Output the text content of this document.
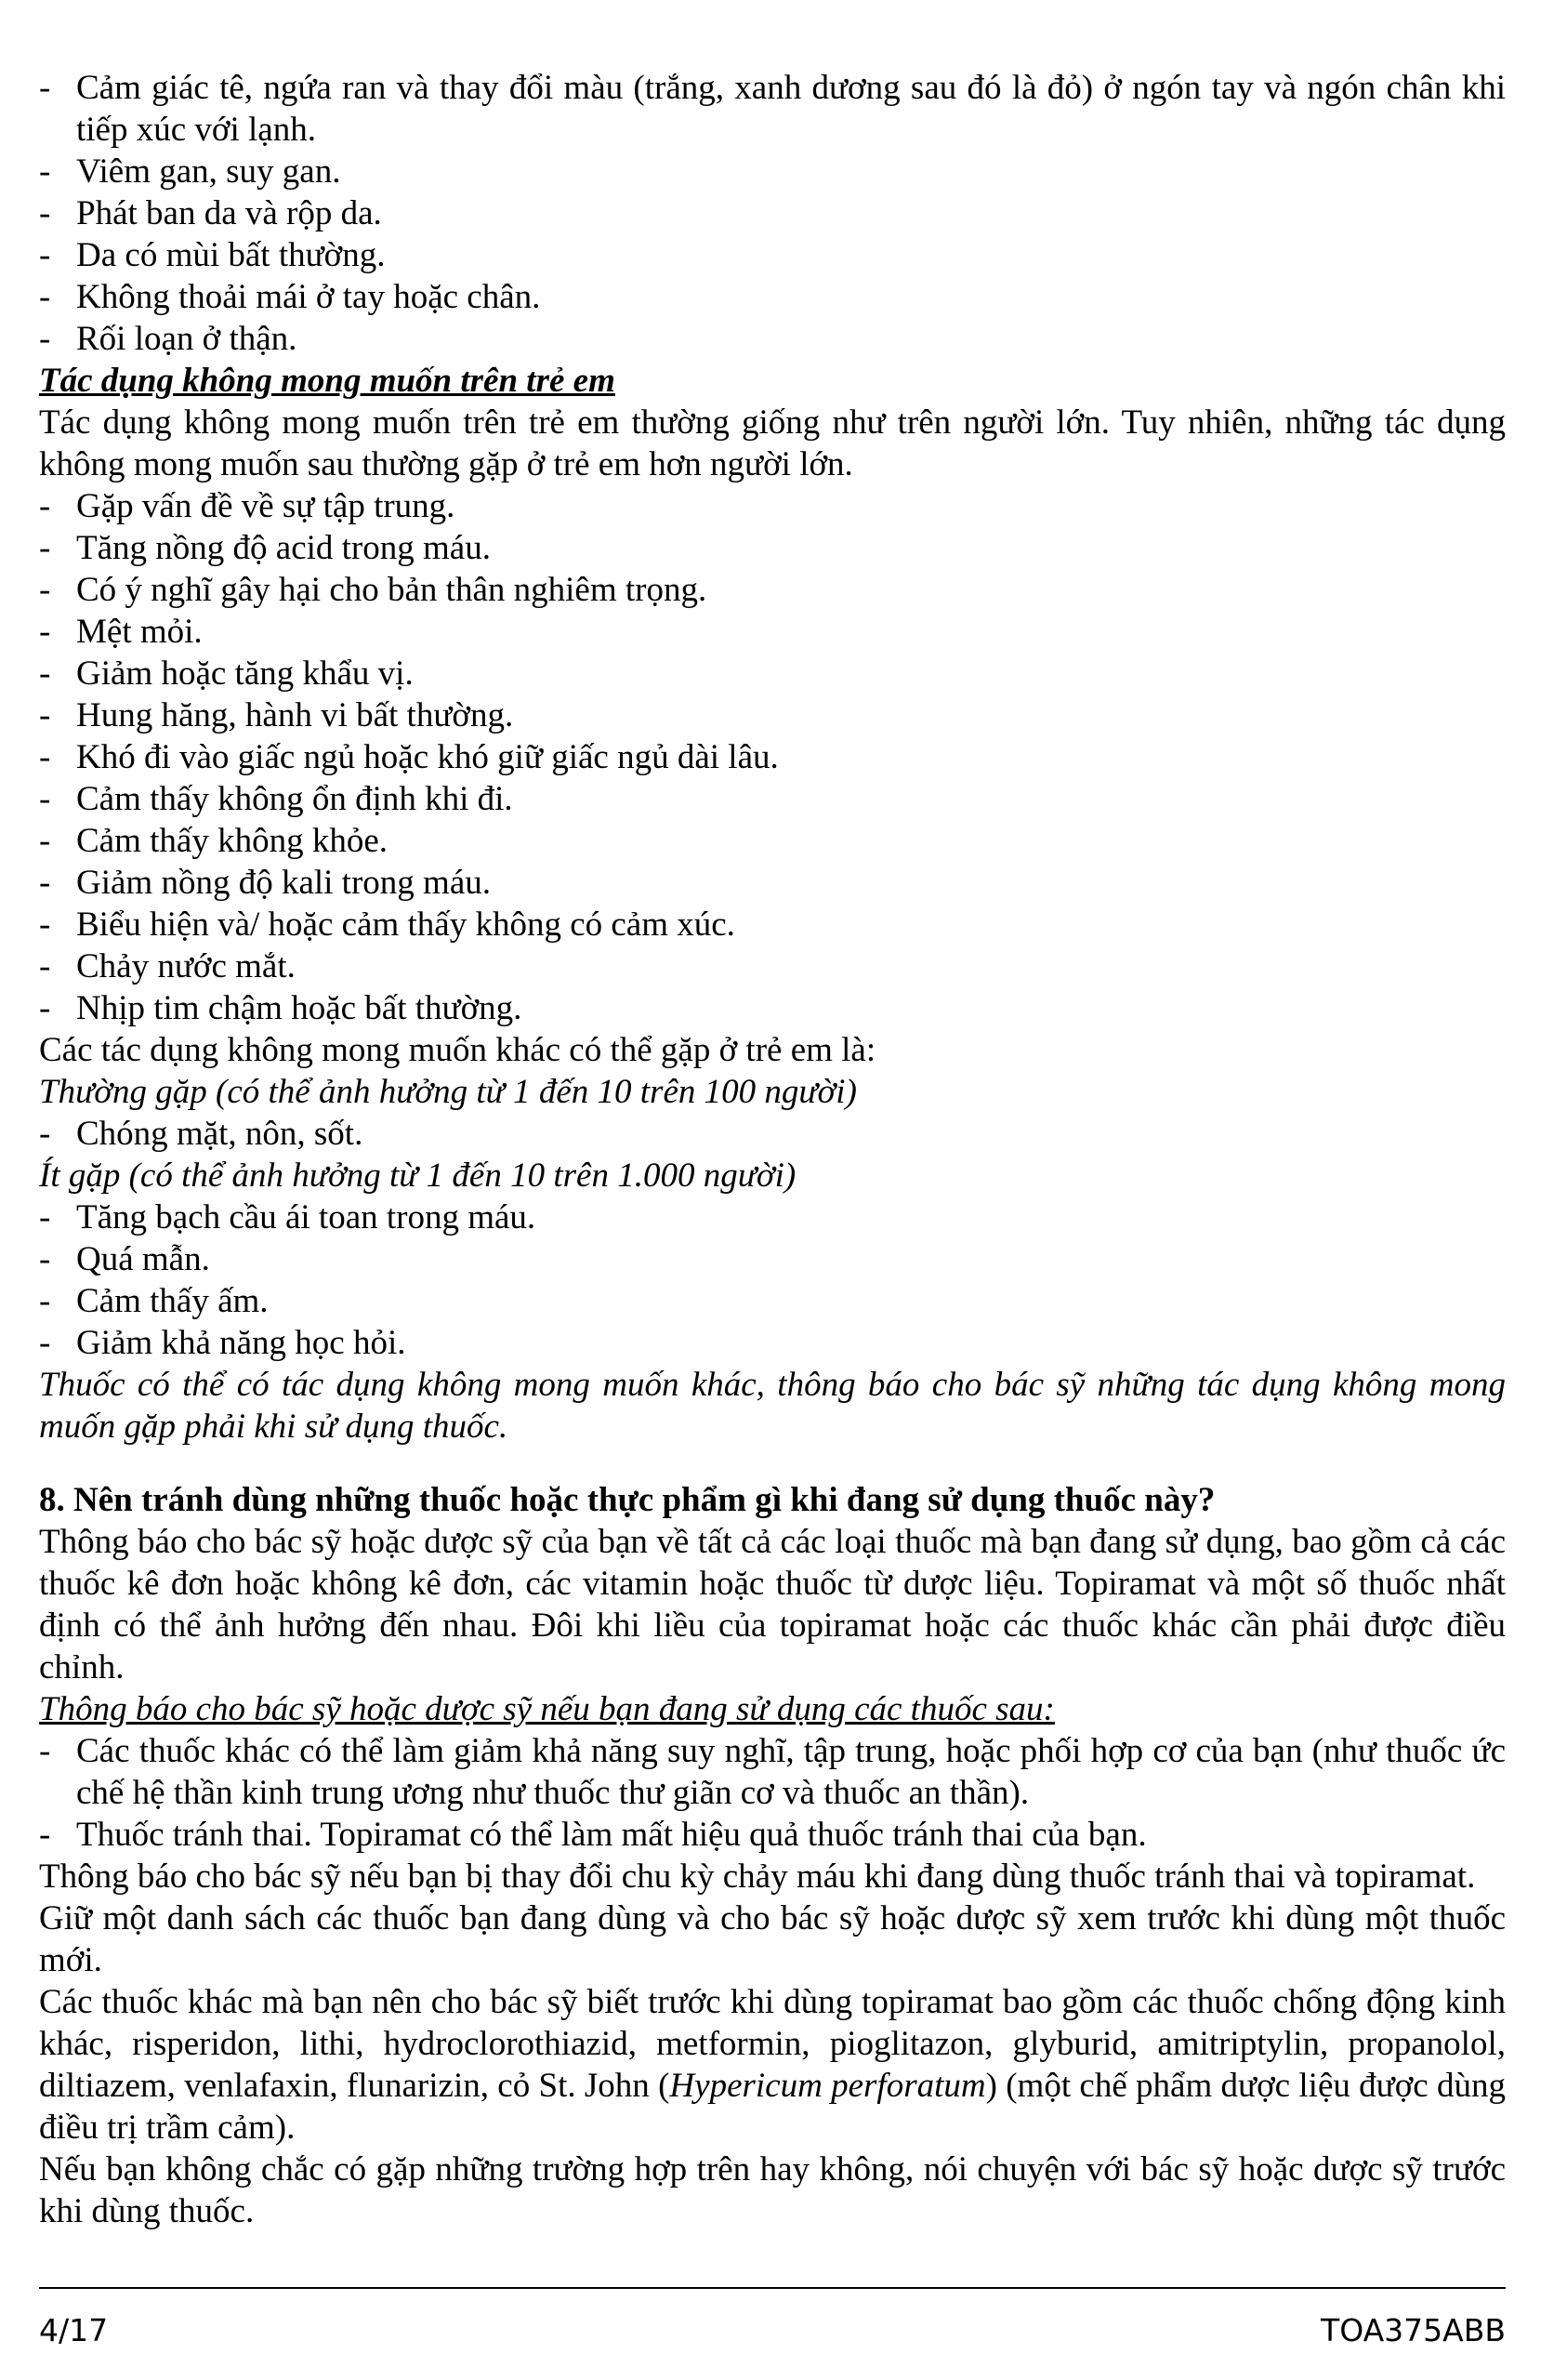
- Cảm giác tê, ngứa ran và thay đổi màu (trắng, xanh dương sau đó là đỏ) ở ngón tay và ngón chân khi tiếp xúc với lạnh.
- Viêm gan, suy gan.
- Phát ban da và rộp da.
- Da có mùi bất thường.
- Không thoải mái ở tay hoặc chân.
- Rối loạn ở thận.
Tác dụng không mong muốn trên trẻ em
Tác dụng không mong muốn trên trẻ em thường giống như trên người lớn. Tuy nhiên, những tác dụng không mong muốn sau thường gặp ở trẻ em hơn người lớn.
- Gặp vấn đề về sự tập trung.
- Tăng nồng độ acid trong máu.
- Có ý nghĩ gây hại cho bản thân nghiêm trọng.
- Mệt mỏi.
- Giảm hoặc tăng khẩu vị.
- Hung hăng, hành vi bất thường.
- Khó đi vào giấc ngủ hoặc khó giữ giấc ngủ dài lâu.
- Cảm thấy không ổn định khi đi.
- Cảm thấy không khỏe.
- Giảm nồng độ kali trong máu.
- Biểu hiện và/ hoặc cảm thấy không có cảm xúc.
- Chảy nước mắt.
- Nhịp tim chậm hoặc bất thường.
Các tác dụng không mong muốn khác có thể gặp ở trẻ em là:
Thường gặp (có thể ảnh hưởng từ 1 đến 10 trên 100 người)
- Chóng mặt, nôn, sốt.
Ít gặp (có thể ảnh hưởng từ 1 đến 10 trên 1.000 người)
- Tăng bạch cầu ái toan trong máu.
- Quá mẫn.
- Cảm thấy ấm.
- Giảm khả năng học hỏi.
Thuốc có thể có tác dụng không mong muốn khác, thông báo cho bác sỹ những tác dụng không mong muốn gặp phải khi sử dụng thuốc.
8. Nên tránh dùng những thuốc hoặc thực phẩm gì khi đang sử dụng thuốc này?
Thông báo cho bác sỹ hoặc dược sỹ của bạn về tất cả các loại thuốc mà bạn đang sử dụng, bao gồm cả các thuốc kê đơn hoặc không kê đơn, các vitamin hoặc thuốc từ dược liệu. Topiramat và một số thuốc nhất định có thể ảnh hưởng đến nhau. Đôi khi liều của topiramat hoặc các thuốc khác cần phải được điều chỉnh.
Thông báo cho bác sỹ hoặc dược sỹ nếu bạn đang sử dụng các thuốc sau:
- Các thuốc khác có thể làm giảm khả năng suy nghĩ, tập trung, hoặc phối hợp cơ của bạn (như thuốc ức chế hệ thần kinh trung ương như thuốc thư giãn cơ và thuốc an thần).
- Thuốc tránh thai. Topiramat có thể làm mất hiệu quả thuốc tránh thai của bạn.
Thông báo cho bác sỹ nếu bạn bị thay đổi chu kỳ chảy máu khi đang dùng thuốc tránh thai và topiramat.
Giữ một danh sách các thuốc bạn đang dùng và cho bác sỹ hoặc dược sỹ xem trước khi dùng một thuốc mới.
Các thuốc khác mà bạn nên cho bác sỹ biết trước khi dùng topiramat bao gồm các thuốc chống động kinh khác, risperidon, lithi, hydroclorothiazid, metformin, pioglitazon, glyburid, amitriptylin, propanolol, diltiazem, venlafaxin, flunarizin, cỏ St. John (Hypericum perforatum) (một chế phẩm dược liệu được dùng điều trị trầm cảm).
Nếu bạn không chắc có gặp những trường hợp trên hay không, nói chuyện với bác sỹ hoặc dược sỹ trước khi dùng thuốc.
4/17	TOA375ABB
